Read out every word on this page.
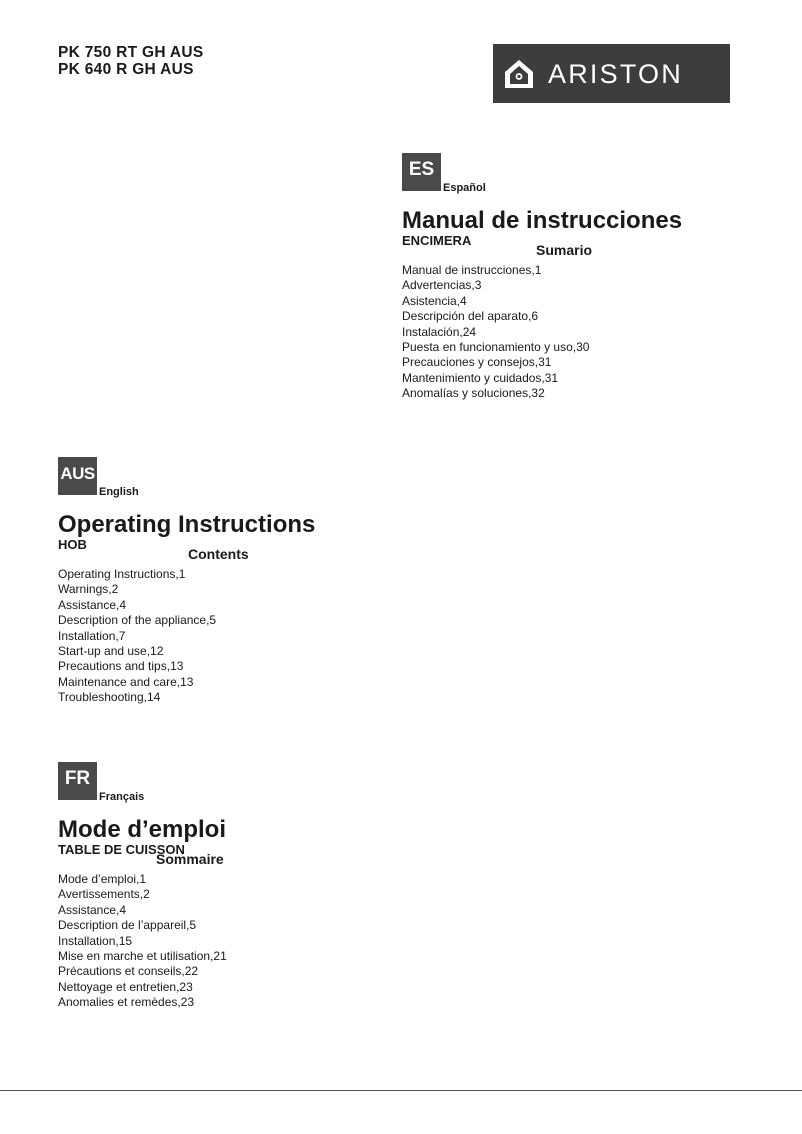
PK 750 RT GH AUS
PK 640 R GH AUS	ARISTON
ES
Español
Manual de instrucciones
ENCIMERA
Sumario
Manual de instrucciones,1
Advertencias,3
Asistencia,4
Descripción del aparato,6
Instalación,24
Puesta en funcionamiento y uso,30
Precauciones y consejos,31
Mantenimiento y cuidados,31
Anomalías y soluciones,32
AUS
English
Operating Instructions
HOB
Contents
Operating Instructions,1
Warnings,2
Assistance,4
Description of the appliance,5
Installation,7
Start-up and use,12
Precautions and tips,13
Maintenance and care,13
Troubleshooting,14
FR
Français
Mode d’emploi
TABLE DE CUISSON
Sommaire
Mode d’emploi,1
Avertissements,2
Assistance,4
Description de l’appareil,5
Installation,15
Mise en marche et utilisation,21
Précautions et conseils,22
Nettoyage et entretien,23
Anomalies et remèdes,23
